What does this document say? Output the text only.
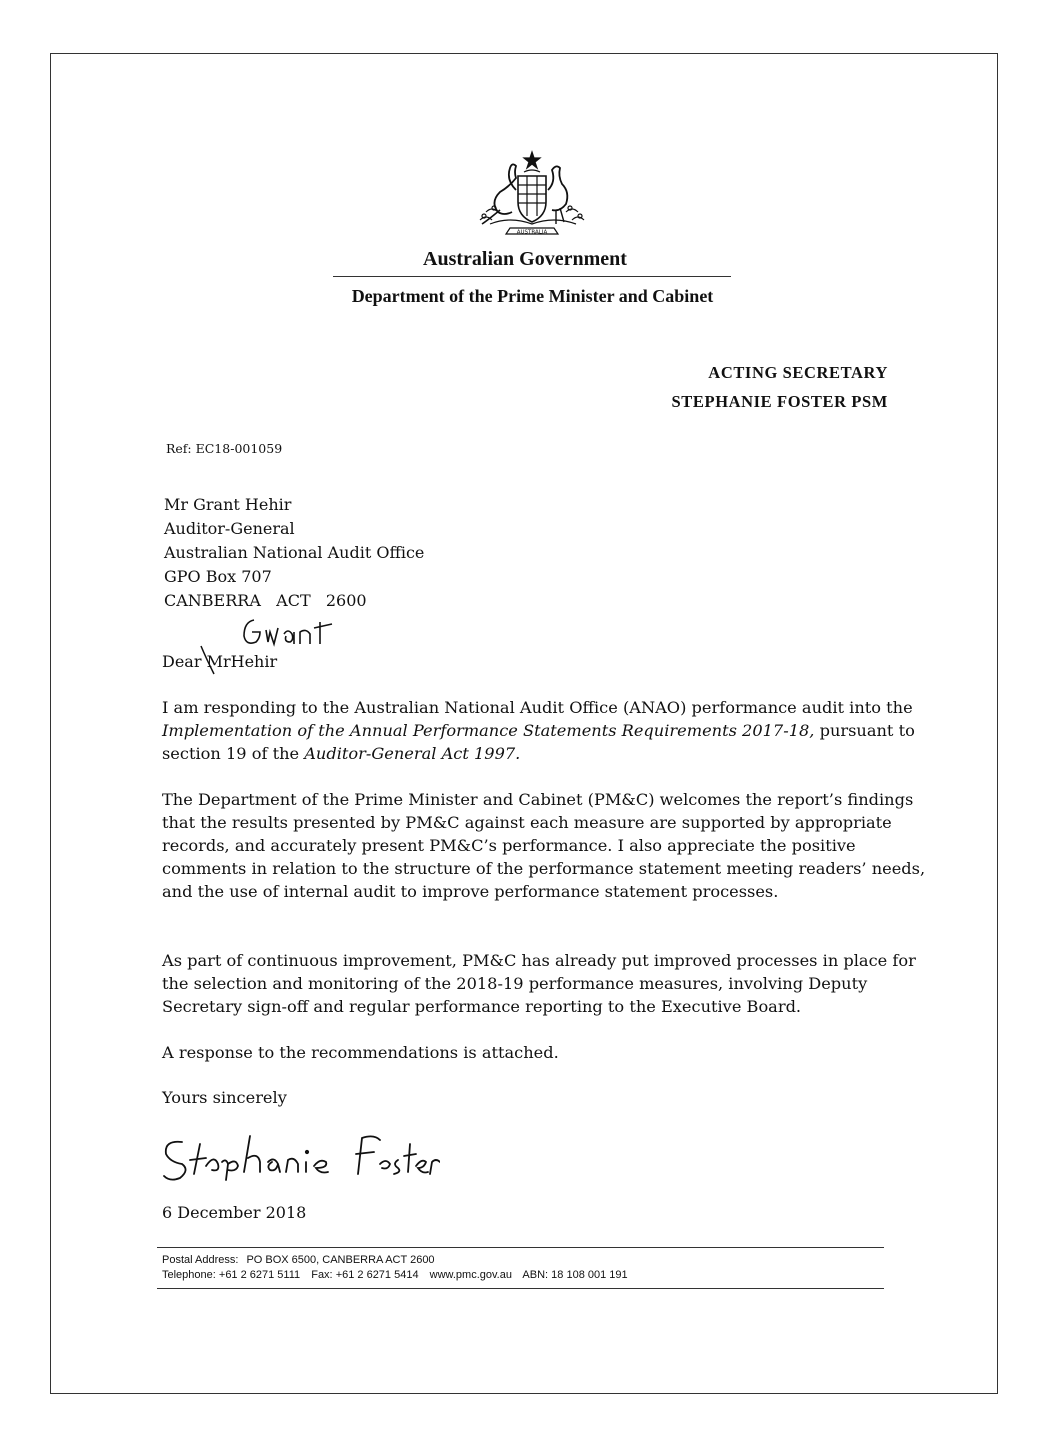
AUSTRALIA
Australian Government
Department of the Prime Minister and Cabinet
ACTING SECRETARY
STEPHANIE FOSTER PSM
Ref: EC18-001059
Mr Grant Hehir
Auditor-General
Australian National Audit Office
GPO Box 707
CANBERRA   ACT   2600
Dear MrHehir

I am responding to the Australian National Audit Office (ANAO) performance audit into the Implementation of the Annual Performance Statements Requirements 2017-18, pursuant to section 19 of the Auditor-General Act 1997.

The Department of the Prime Minister and Cabinet (PM&C) welcomes the report’s findings that the results presented by PM&C against each measure are supported by appropriate records, and accurately present PM&C’s performance. I also appreciate the positive comments in relation to the structure of the performance statement meeting readers’ needs, and the use of internal audit to improve performance statement processes.

As part of continuous improvement, PM&C has already put improved processes in place for the selection and monitoring of the 2018-19 performance measures, involving Deputy Secretary sign-off and regular performance reporting to the Executive Board.

A response to the recommendations is attached.

Yours sincerely

6 December 2018
Postal Address: PO BOX 6500, CANBERRA ACT 2600
Telephone: +61 2 6271 5111 Fax: +61 2 6271 5414 www.pmc.gov.au ABN: 18 108 001 191
